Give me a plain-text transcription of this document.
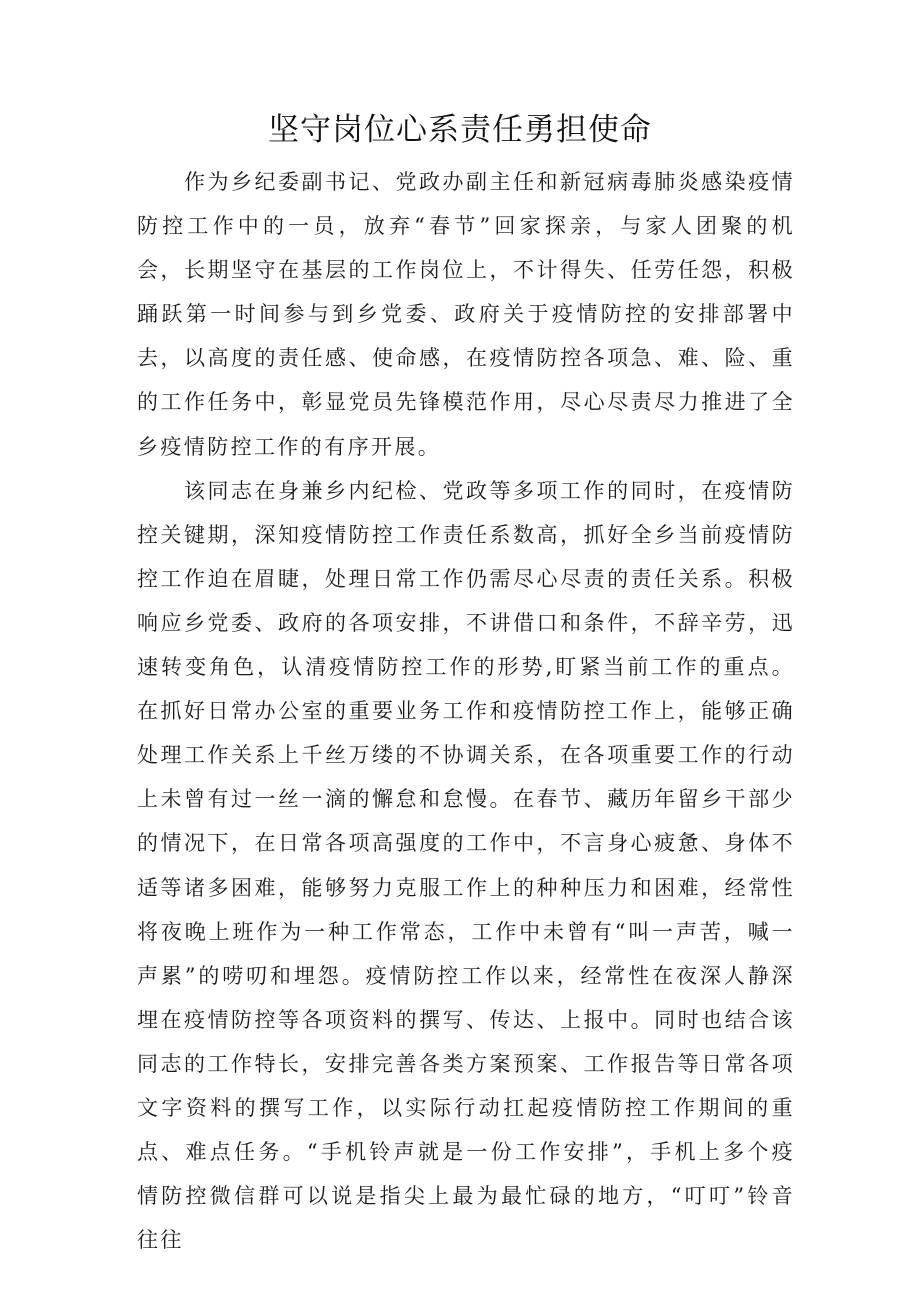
坚守岗位心系责任勇担使命

作为乡纪委副书记、党政办副主任和新冠病毒肺炎感染疫情防控工作中的一员，放弃“春节”回家探亲，与家人团聚的机会，长期坚守在基层的工作岗位上，不计得失、任劳任怨，积极踊跃第一时间参与到乡党委、政府关于疫情防控的安排部署中去，以高度的责任感、使命感，在疫情防控各项急、难、险、重的工作任务中，彰显党员先锋模范作用，尽心尽责尽力推进了全乡疫情防控工作的有序开展。

该同志在身兼乡内纪检、党政等多项工作的同时，在疫情防控关键期，深知疫情防控工作责任系数高，抓好全乡当前疫情防控工作迫在眉睫，处理日常工作仍需尽心尽责的责任关系。积极响应乡党委、政府的各项安排，不讲借口和条件，不辞辛劳，迅速转变角色，认清疫情防控工作的形势,盯紧当前工作的重点。在抓好日常办公室的重要业务工作和疫情防控工作上，能够正确处理工作关系上千丝万缕的不协调关系，在各项重要工作的行动上未曾有过一丝一滴的懈怠和怠慢。在春节、藏历年留乡干部少的情况下，在日常各项高强度的工作中，不言身心疲惫、身体不适等诸多困难，能够努力克服工作上的种种压力和困难，经常性将夜晚上班作为一种工作常态，工作中未曾有“叫一声苦，喊一声累”的唠叨和埋怨。疫情防控工作以来，经常性在夜深人静深埋在疫情防控等各项资料的撰写、传达、上报中。同时也结合该同志的工作特长，安排完善各类方案预案、工作报告等日常各项文字资料的撰写工作，以实际行动扛起疫情防控工作期间的重点、难点任务。“手机铃声就是一份工作安排”，手机上多个疫情防控微信群可以说是指尖上最为最忙碌的地方，“叮叮”铃音往往
